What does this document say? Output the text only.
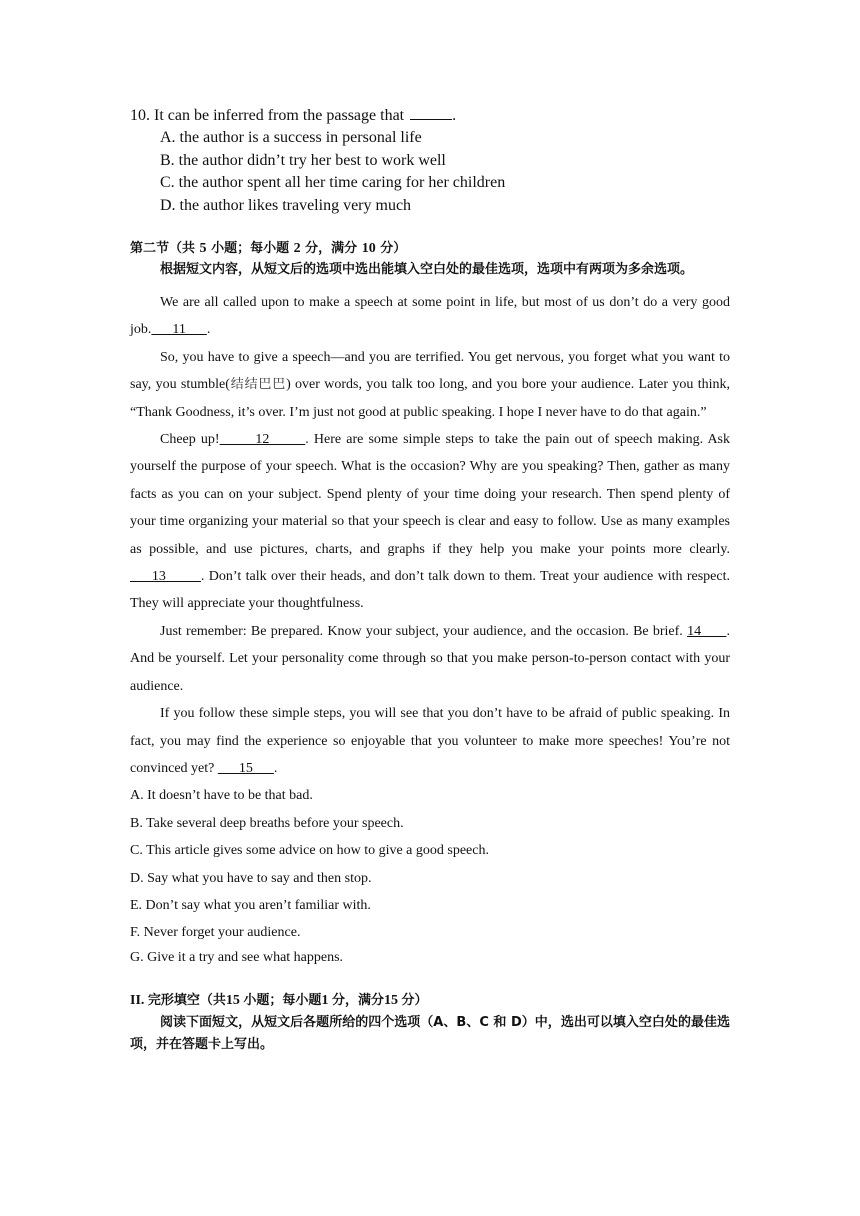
10. It can be inferred from the passage that	.

A. the author is a success in personal life

B. the author didn’t try her best to work well

C. the author spent all her time caring for her children

D. the author likes traveling very much

第二节（共 5 小题；每小题 2 分，满分 10 分）

根据短文内容，从短文后的选项中选出能填入空白处的最佳选项，选项中有两项为多余选项。

We are all called upon to make a speech at some point in life, but most of us don’t do a very good job.      11      .

So, you have to give a speech—and you are terrified. You get nervous, you forget what you want to say, you stumble(结结巴巴) over words, you talk too long, and you bore your audience. Later you think, “Thank Goodness, it’s over. I’m just not good at public speaking. I hope I never have to do that again.”

Cheep up!       12       . Here are some simple steps to take the pain out of speech making. Ask yourself the purpose of your speech. What is the occasion? Why are you speaking? Then, gather as many facts as you can on your subject. Spend plenty of your time doing your research. Then spend plenty of your time organizing your material so that your speech is clear and easy to follow. Use as many examples as possible, and use pictures, charts, and graphs if they help you make your points more clearly.      13        . Don’t talk over their heads, and don’t talk down to them. Treat your audience with respect. They will appreciate your thoughtfulness.

Just remember: Be prepared. Know your subject, your audience, and the occasion. Be brief. 14      . And be yourself. Let your personality come through so that you make person-to-person contact with your audience.

If you follow these simple steps, you will see that you don’t have to be afraid of public speaking. In fact, you may find the experience so enjoyable that you volunteer to make more speeches! You’re not convinced yet?       15      .

A. It doesn’t have to be that bad.
B. Take several deep breaths before your speech.
C. This article gives some advice on how to give a good speech.
D. Say what you have to say and then stop.
E. Don’t say what you aren’t familiar with.
F. Never forget your audience.
G. Give it a try and see what happens.

II. 完形填空（共15 小题；每小题1 分，满分15 分）

阅读下面短文，从短文后各题所给的四个选项（A、B、C 和 D）中，选出可以填入空白处的最佳选项，并在答题卡上写出。
